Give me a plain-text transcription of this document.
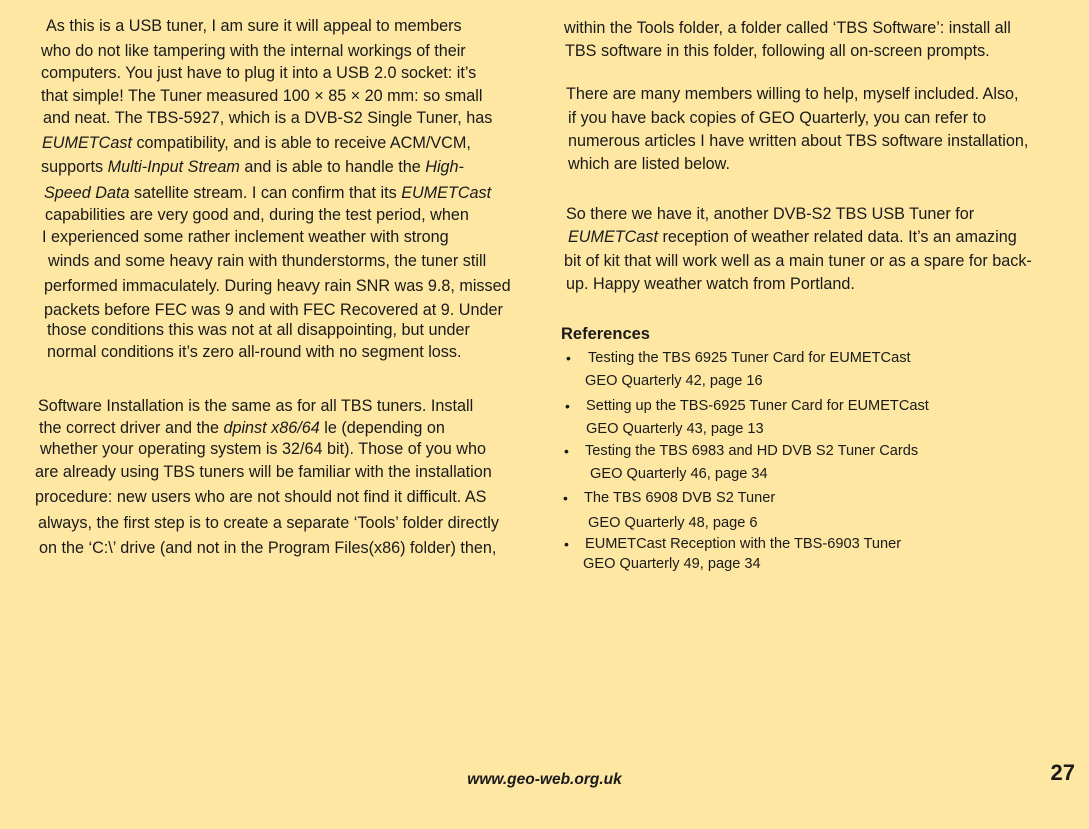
As this is a USB tuner, I am sure it will appeal to members
who do not like tampering with the internal workings of their
computers. You just have to plug it into a USB 2.0 socket: it’s
that simple! The Tuner measured 100 × 85 × 20 mm: so small
and neat. The TBS-5927, which is a DVB-S2 Single Tuner, has
EUMETCast compatibility, and is able to receive ACM/VCM,
supports Multi-Input Stream and is able to handle the High-
Speed Data satellite stream. I can confirm that its EUMETCast
capabilities are very good and, during the test period, when
I experienced some rather inclement weather with strong
winds and some heavy rain with thunderstorms, the tuner still
performed immaculately. During heavy rain SNR was 9.8, missed
packets before FEC was 9 and with FEC Recovered at 9. Under
those conditions this was not at all disappointing, but under
normal conditions it’s zero all-round with no segment loss.
Software Installation is the same as for all TBS tuners. Install
the correct driver and the dpinst x86/64 le (depending on
whether your operating system is 32/64 bit). Those of you who
are already using TBS tuners will be familiar with the installation
procedure: new users who are not should not find it difficult. AS
always, the first step is to create a separate ‘Tools’ folder directly
on the ‘C:\’ drive (and not in the Program Files(x86) folder) then,
within the Tools folder, a folder called ‘TBS Software’: install all
TBS software in this folder, following all on-screen prompts.
There are many members willing to help, myself included. Also,
if you have back copies of GEO Quarterly, you can refer to
numerous articles I have written about TBS software installation,
which are listed below.
So there we have it, another DVB-S2 TBS USB Tuner for
EUMETCast reception of weather related data. It’s an amazing
bit of kit that will work well as a main tuner or as a spare for back-
up. Happy weather watch from Portland.
References
• Testing the TBS 6925 Tuner Card for EUMETCast
GEO Quarterly 42, page 16
• Setting up the TBS-6925 Tuner Card for EUMETCast
GEO Quarterly 43, page 13
• Testing the TBS 6983 and HD DVB S2 Tuner Cards
GEO Quarterly 46, page 34
• The TBS 6908 DVB S2 Tuner
GEO Quarterly 48, page 6
• EUMETCast Reception with the TBS-6903 Tuner
GEO Quarterly 49, page 34
www.geo-web.org.uk	27
